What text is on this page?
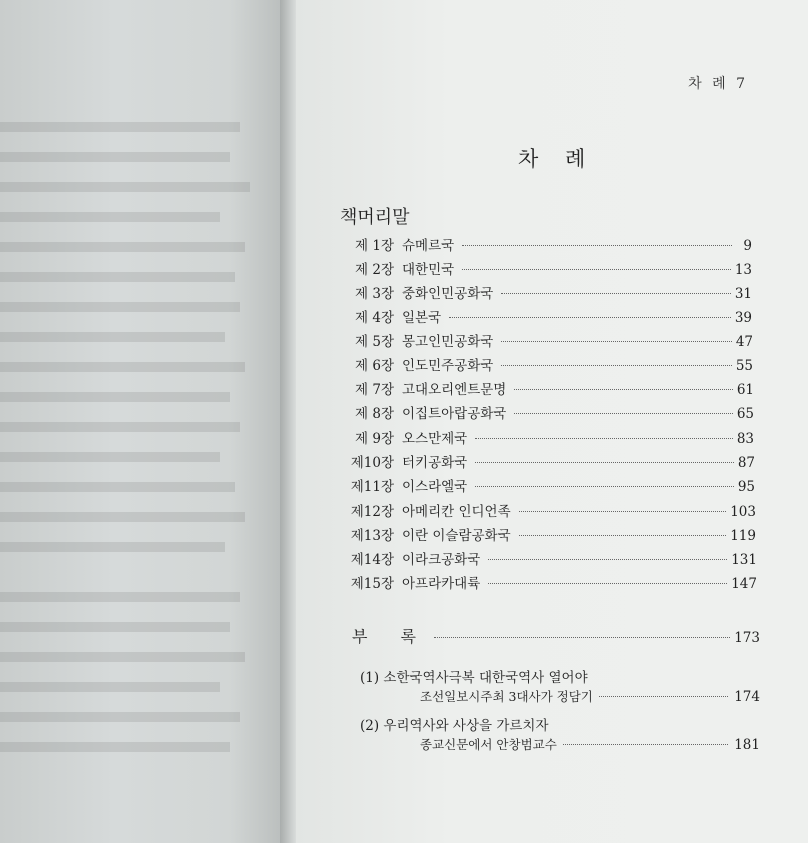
차 례 7
차 례
책머리말
제 1장 슈메르국	9
제 2장 대한민국	13
제 3장 중화인민공화국	31
제 4장 일본국	39
제 5장 몽고인민공화국	47
제 6장 인도민주공화국	55
제 7장 고대오리엔트문명	61
제 8장 이집트아랍공화국	65
제 9장 오스만제국	83
제10장 터키공화국	87
제11장 이스라엘국	95
제12장 아메리칸 인디언족	103
제13장 이란 이슬람공화국	119
제14장 이라크공화국	131
제15장 아프라카대륙	147
부 록	173
(1) 소한국역사극복 대한국역사 열어야
조선일보시주최 3대사가 정담기	174
(2) 우리역사와 사상을 가르치자
종교신문에서 안창범교수	181
